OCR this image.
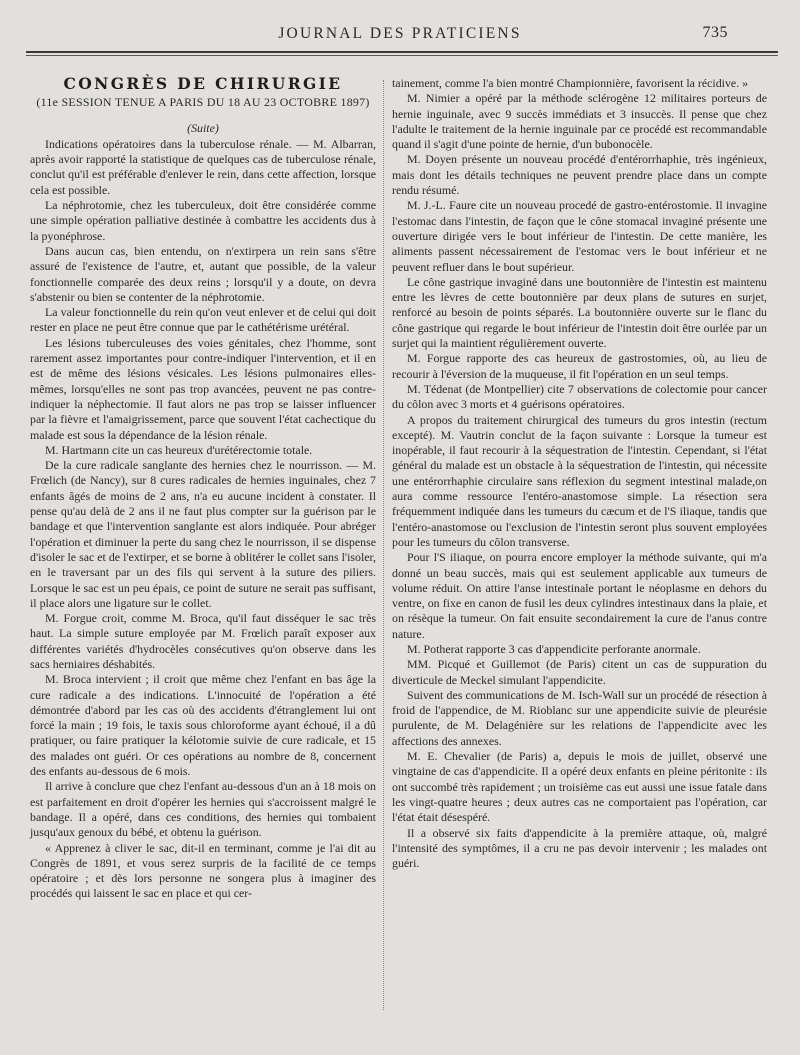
JOURNAL DES PRATICIENS	735
CONGRÈS DE CHIRURGIE
(11e SESSION TENUE A PARIS DU 18 AU 23 OCTOBRE 1897)
(Suite)

Indications opératoires dans la tuberculose rénale. — M. Albarran, après avoir rapporté la statistique de quelques cas de tuberculose rénale, conclut qu'il est préférable d'enlever le rein, dans cette affection, lorsque cela est possible.

La néphrotomie, chez les tuberculeux, doit être considérée comme une simple opération palliative destinée à combattre les accidents dus à la pyonéphrose.

Dans aucun cas, bien entendu, on n'extirpera un rein sans s'être assuré de l'existence de l'autre, et, autant que possible, de la valeur fonctionnelle comparée des deux reins ; lorsqu'il y a doute, on devra s'abstenir ou bien se contenter de la néphrotomie.

La valeur fonctionnelle du rein qu'on veut enlever et de celui qui doit rester en place ne peut être connue que par le cathétérisme urétéral.

Les lésions tuberculeuses des voies génitales, chez l'homme, sont rarement assez importantes pour contre-indiquer l'intervention, et il en est de même des lésions vésicales. Les lésions pulmonaires elles-mêmes, lorsqu'elles ne sont pas trop avancées, peuvent ne pas contre-indiquer la néphectomie. Il faut alors ne pas trop se laisser influencer par la fièvre et l'amaigrissement, parce que souvent l'état cachectique du malade est sous la dépendance de la lésion rénale.

M. Hartmann cite un cas heureux d'urétérectomie totale.

De la cure radicale sanglante des hernies chez le nourrisson. — M. Frœlich (de Nancy), sur 8 cures radicales de hernies inguinales, chez 7 enfants âgés de moins de 2 ans, n'a eu aucune incident à constater. Il pense qu'au delà de 2 ans il ne faut plus compter sur la guérison par le bandage et que l'intervention sanglante est alors indiquée. Pour abréger l'opération et diminuer la perte du sang chez le nourrisson, il se dispense d'isoler le sac et de l'extirper, et se borne à oblitérer le collet sans l'isoler, en le traversant par un des fils qui servent à la suture des piliers. Lorsque le sac est un peu épais, ce point de suture ne serait pas suffisant, il place alors une ligature sur le collet.

M. Forgue croit, comme M. Broca, qu'il faut disséquer le sac très haut. La simple suture employée par M. Frœlich paraît exposer aux différentes variétés d'hydrocèles consécutives qu'on observe dans les sacs herniaires déshabités.

M. Broca intervient ; il croit que même chez l'enfant en bas âge la cure radicale a des indications. L'innocuité de l'opération a été démontrée d'abord par les cas où des accidents d'étranglement lui ont forcé la main ; 19 fois, le taxis sous chloroforme ayant échoué, il a dû pratiquer, ou faire pratiquer la kélotomie suivie de cure radicale, et 15 des malades ont guéri. Or ces opérations au nombre de 8, concernent des enfants au-dessous de 6 mois.

Il arrive à conclure que chez l'enfant au-dessous d'un an à 18 mois on est parfaitement en droit d'opérer les hernies qui s'accroissent malgré le bandage. Il a opéré, dans ces conditions, des hernies qui tombaient jusqu'aux genoux du bébé, et obtenu la guérison.

« Apprenez à cliver le sac, dit-il en terminant, comme je l'ai dit au Congrès de 1891, et vous serez surpris de la facilité de ce temps opératoire ; et dès lors personne ne songera plus à imaginer des procédés qui laissent le sac en place et qui cer-

tainement, comme l'a bien montré Championnière, favorisent la récidive. »

M. Nimier a opéré par la méthode sclérogène 12 militaires porteurs de hernie inguinale, avec 9 succès immédiats et 3 insuccès. Il pense que chez l'adulte le traitement de la hernie inguinale par ce procédé est recommandable quand il s'agit d'une pointe de hernie, d'un bubonocèle.

M. Doyen présente un nouveau procédé d'entérorrhaphie, très ingénieux, mais dont les détails techniques ne peuvent prendre place dans un compte rendu résumé.

M. J.-L. Faure cite un nouveau procedé de gastro-entérostomie. Il invagine l'estomac dans l'intestin, de façon que le cône stomacal invaginé présente une ouverture dirigée vers le bout inférieur de l'intestin. De cette manière, les aliments passent nécessairement de l'estomac vers le bout inférieur et ne peuvent refluer dans le bout supérieur.

Le cône gastrique invaginé dans une boutonnière de l'intestin est maintenu entre les lèvres de cette boutonnière par deux plans de sutures en surjet, renforcé au besoin de points séparés. La boutonnière ouverte sur le flanc du cône gastrique qui regarde le bout inférieur de l'intestin doit être ourlée par un surjet qui la maintient régulièrement ouverte.

M. Forgue rapporte des cas heureux de gastrostomies, où, au lieu de recourir à l'éversion de la muqueuse, il fit l'opération en un seul temps.

M. Tédenat (de Montpellier) cite 7 observations de colectomie pour cancer du côlon avec 3 morts et 4 guérisons opératoires.

A propos du traitement chirurgical des tumeurs du gros intestin (rectum excepté). M. Vautrin conclut de la façon suivante : Lorsque la tumeur est inopérable, il faut recourir à la séquestration de l'intestin. Cependant, si l'état général du malade est un obstacle à la séquestration de l'intestin, qui nécessite une entérorrhaphie circulaire sans réflexion du segment intestinal malade,on aura comme ressource l'entéro-anastomose simple. La résection sera fréquemment indiquée dans les tumeurs du cæcum et de l'S iliaque, tandis que l'entéro-anastomose ou l'exclusion de l'intestin seront plus souvent employées pour les tumeurs du côlon transverse.

Pour l'S iliaque, on pourra encore employer la méthode suivante, qui m'a donné un beau succès, mais qui est seulement applicable aux tumeurs de volume réduit. On attire l'anse intestinale portant le néoplasme en dehors du ventre, on fixe en canon de fusil les deux cylindres intestinaux dans la plaie, et on résèque la tumeur. On fait ensuite secondairement la cure de l'anus contre nature.

M. Potherat rapporte 3 cas d'appendicite perforante anormale.

MM. Picqué et Guillemot (de Paris) citent un cas de suppuration du diverticule de Meckel simulant l'appendicite.

Suivent des communications de M. Isch-Wall sur un procédé de résection à froid de l'appendice, de M. Rioblanc sur une appendicite suivie de pleurésie purulente, de M. Delagénière sur les relations de l'appendicite avec les affections des annexes.

M. E. Chevalier (de Paris) a, depuis le mois de juillet, observé une vingtaine de cas d'appendicite. Il a opéré deux enfants en pleine péritonite : ils ont succombé très rapidement ; un troisième cas eut aussi une issue fatale dans les vingt-quatre heures ; deux autres cas ne comportaient pas l'opération, car l'état était désespéré.

Il a observé six faits d'appendicite à la première attaque, où, malgré l'intensité des symptômes, il a cru ne pas devoir intervenir ; les malades ont guéri.
